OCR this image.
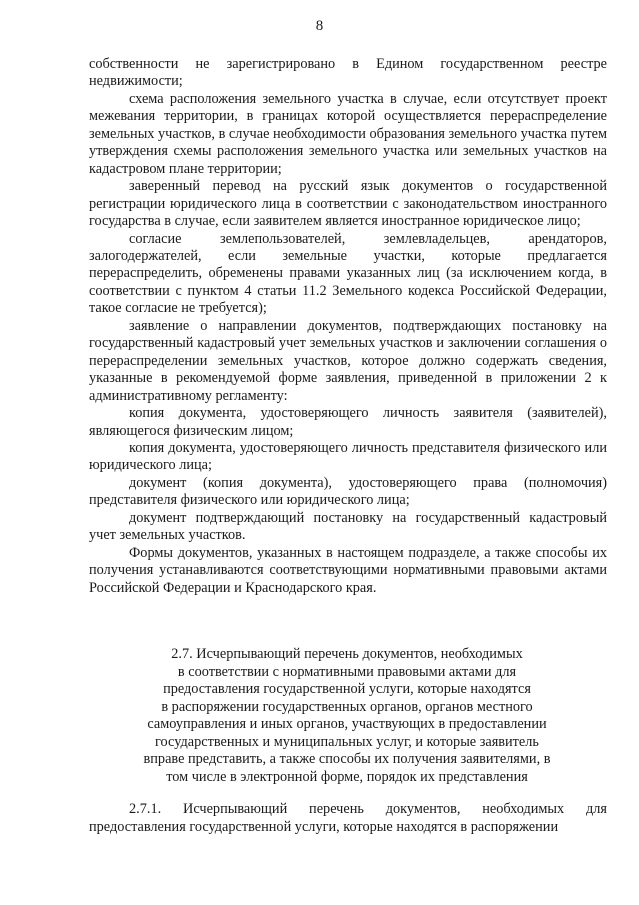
8

собственности не зарегистрировано в Едином государственном реестре недвижимости;

схема расположения земельного участка в случае, если отсутствует проект межевания территории, в границах которой осуществляется перераспределение земельных участков, в случае необходимости образования земельного участка путем утверждения схемы расположения земельного участка или земельных участков на кадастровом плане территории;

заверенный перевод на русский язык документов о государственной регистрации юридического лица в соответствии с законодательством иностранного государства в случае, если заявителем является иностранное юридическое лицо;

согласие землепользователей, землевладельцев, арендаторов, залогодержателей, если земельные участки, которые предлагается перераспределить, обременены правами указанных лиц (за исключением когда, в соответствии с пунктом 4 статьи 11.2 Земельного кодекса Российской Федерации, такое согласие не требуется);

заявление о направлении документов, подтверждающих постановку на государственный кадастровый учет земельных участков и заключении соглашения о перераспределении земельных участков, которое должно содержать сведения, указанные в рекомендуемой форме заявления, приведенной в приложении 2 к административному регламенту:

копия документа, удостоверяющего личность заявителя (заявителей), являющегося физическим лицом;

копия документа, удостоверяющего личность представителя физического или юридического лица;

документ (копия документа), удостоверяющего права (полномочия) представителя физического или юридического лица;

документ подтверждающий постановку на государственный кадастровый учет земельных участков.

Формы документов, указанных в настоящем подразделе, а также способы их получения устанавливаются соответствующими нормативными правовыми актами Российской Федерации и Краснодарского края.

2.7. Исчерпывающий перечень документов, необходимых
в соответствии с нормативными правовыми актами для
предоставления государственной услуги, которые находятся
в распоряжении государственных органов, органов местного
самоуправления и иных органов, участвующих в предоставлении
государственных и муниципальных услуг, и которые заявитель
вправе представить, а также способы их получения заявителями, в
том числе в электронной форме, порядок их представления

2.7.1. Исчерпывающий перечень документов, необходимых для предоставления государственной услуги, которые находятся в распоряжении
